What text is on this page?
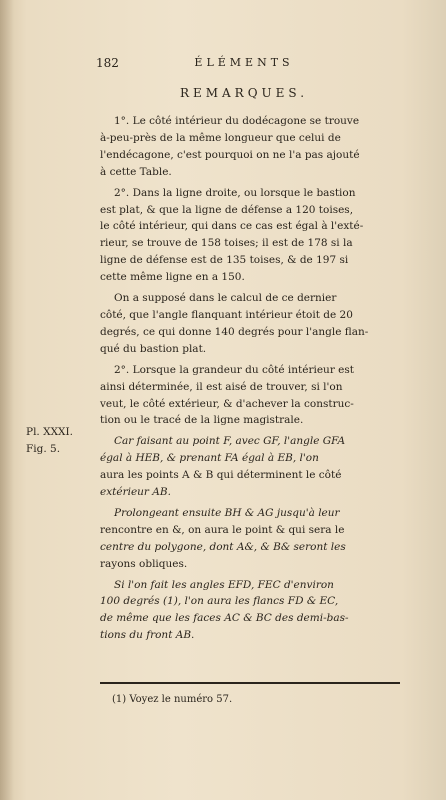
182	ÉLÉMENTS
REMARQUES.

1°. Le côté intérieur du dodécagone se trouve
à-peu-près de la même longueur que celui de
l'endécagone, c'est pourquoi on ne l'a pas ajouté
à cette Table.

2°. Dans la ligne droite, ou lorsque le bastion
est plat, & que la ligne de défense a 120 toises,
le côté intérieur, qui dans ce cas est égal à l'exté-
rieur, se trouve de 158 toises; il est de 178 si la
ligne de défense est de 135 toises, & de 197 si
cette même ligne en a 150.

On a supposé dans le calcul de ce dernier
côté, que l'angle flanquant intérieur étoit de 20
degrés, ce qui donne 140 degrés pour l'angle flan-
qué du bastion plat.

2°. Lorsque la grandeur du côté intérieur est
ainsi déterminée, il est aisé de trouver, si l'on
veut, le côté extérieur, & d'achever la construc-
tion ou le tracé de la ligne magistrale.

Car faisant au point F, avec GF, l'angle GFA
égal à HEB, & prenant FA égal à EB, l'on
aura les points A & B qui déterminent le côté
extérieur AB.

Prolongeant ensuite BH & AG jusqu'à leur
rencontre en &, on aura le point & qui sera le
centre du polygone, dont A&, & B& seront les
rayons obliques.

Si l'on fait les angles EFD, FEC d'environ
100 degrés (1), l'on aura les flancs FD & EC,
de même que les faces AC & BC des demi-bas-
tions du front AB.

Pl. XXXI.
Fig. 5.
(1) Voyez le numéro 57.
